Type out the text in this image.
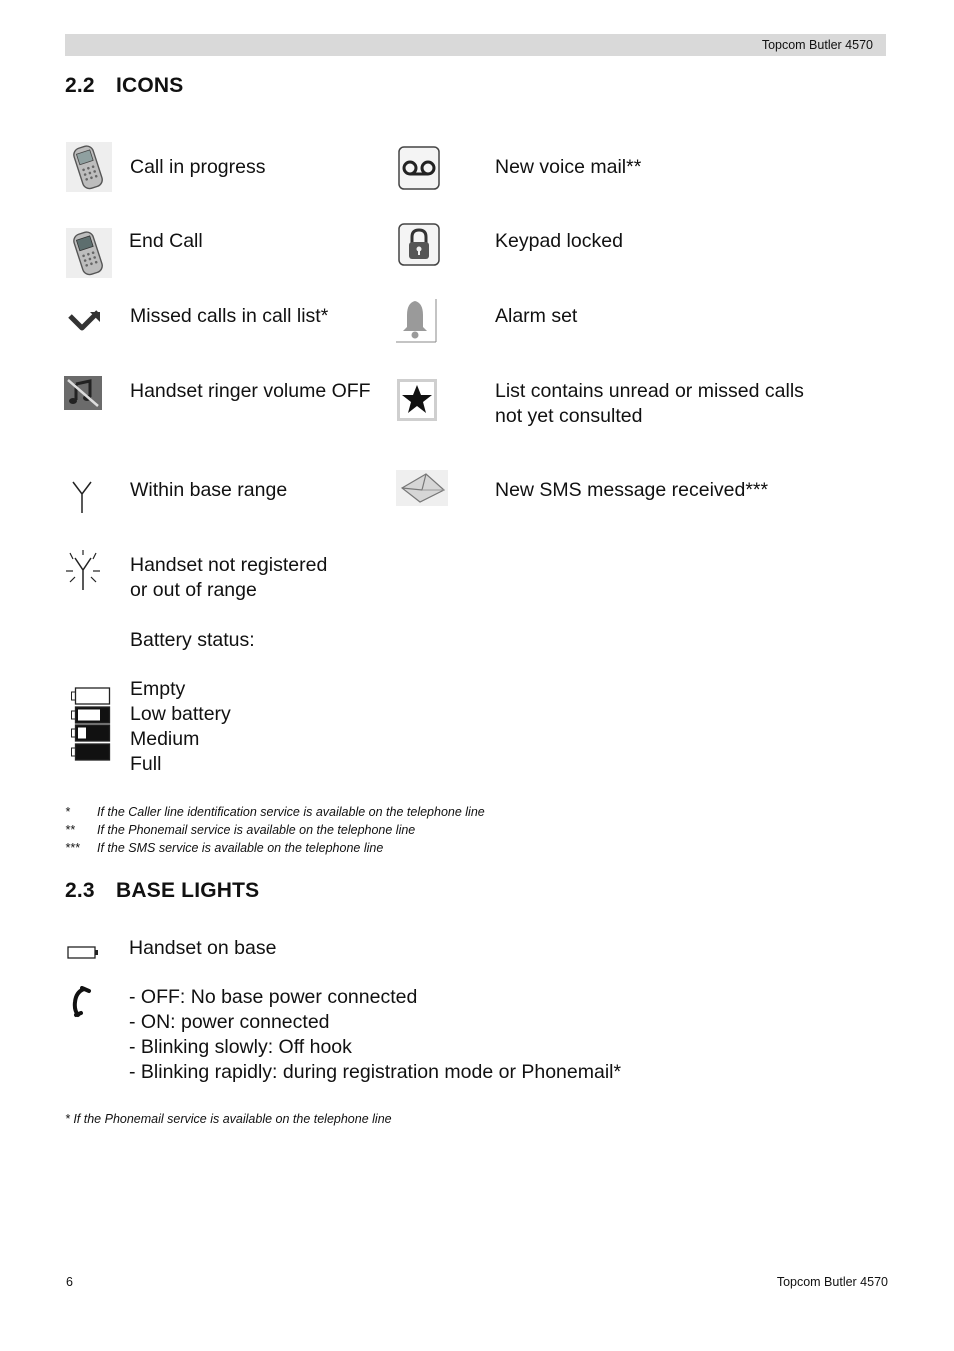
Topcom Butler 4570
2.2 ICONS
Call in progress
End Call
Missed calls in call list*
Handset ringer volume OFF
Within base range
Handset not registered
or out of range
New voice mail**
Keypad locked
Alarm set
List contains unread or missed calls
not yet consulted
New SMS message received***
Battery status:
Empty
Low battery
Medium
Full
* If the Caller line identification service is available on the telephone line
** If the Phonemail service is available on the telephone line
*** If the SMS service is available on the telephone line
2.3 BASE LIGHTS
Handset on base
- OFF: No base power connected
- ON: power connected
- Blinking slowly: Off hook
- Blinking rapidly: during registration mode or Phonemail*
* If the Phonemail service is available on the telephone line
6	Topcom Butler 4570
